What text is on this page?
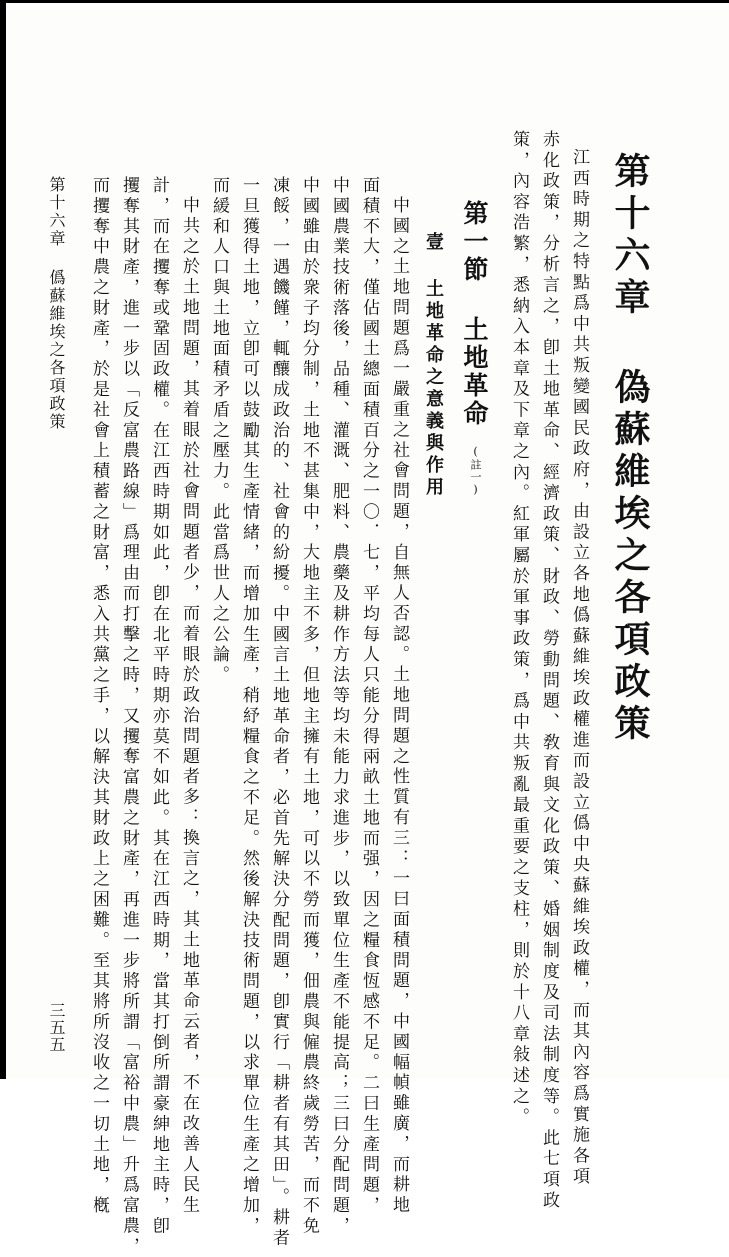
第十六章 偽蘇維埃之各項政策
江西時期之特點爲中共叛變國民政府，由設立各地僞蘇維埃政權進而設立僞中央蘇維埃政權，而其內容爲實施各項
赤化政策，分析言之，卽土地革命、經濟政策、財政、勞動問題、敎育與文化政策、婚姻制度及司法制度等。此七項政
策，內容浩繁，悉納入本章及下章之內。紅軍屬於軍事政策，爲中共叛亂最重要之支柱，則於十八章敍述之。
第一節 土地革命
(註一)
壹 土地革命之意義與作用
中國之土地問題爲一嚴重之社會問題，自無人否認。土地問題之性質有三：一曰面積問題，中國幅幀雖廣，而耕地
面積不大，僅佔國土總面積百分之一〇．七，平均每人只能分得兩畝土地而强，因之糧食恆感不足。二曰生產問題，
中國農業技術落後，品種、灌溉、肥料、農藥及耕作方法等均未能力求進步，以致單位生產不能提高；三曰分配問題，
中國雖由於衆子均分制，土地不甚集中，大地主不多，但地主擁有土地，可以不勞而獲，佃農與僱農終歲勞苦，而不免
凍餒，一遇饑饉，輒釀成政治的、社會的紛擾。中國言土地革命者，必首先解決分配問題，卽實行「耕者有其田」。耕者
一旦獲得土地，立卽可以鼓勵其生產情緒，而增加生產，稍紓糧食之不足。然後解決技術問題，以求單位生產之增加，
而緩和人口與土地面積矛盾之壓力。此當爲世人之公論。
中共之於土地問題，其着眼於社會問題者少，而着眼於政治問題者多：換言之，其土地革命云者，不在改善人民生
計，而在攫奪或鞏固政權。在江西時期如此，卽在北平時期亦莫不如此。其在江西時期，當其打倒所謂豪紳地主時，卽
攫奪其財產，進一步以「反富農路線」爲理由而打擊之時，又攫奪富農之財產，再進一步將所謂「富裕中農」升爲富農，
而攫奪中農之財產，於是社會上積蓄之財富，悉入共黨之手，以解決其財政上之困難。至其將所沒收之一切土地，槪
第十六章 僞蘇維埃之各項政策
三五五
